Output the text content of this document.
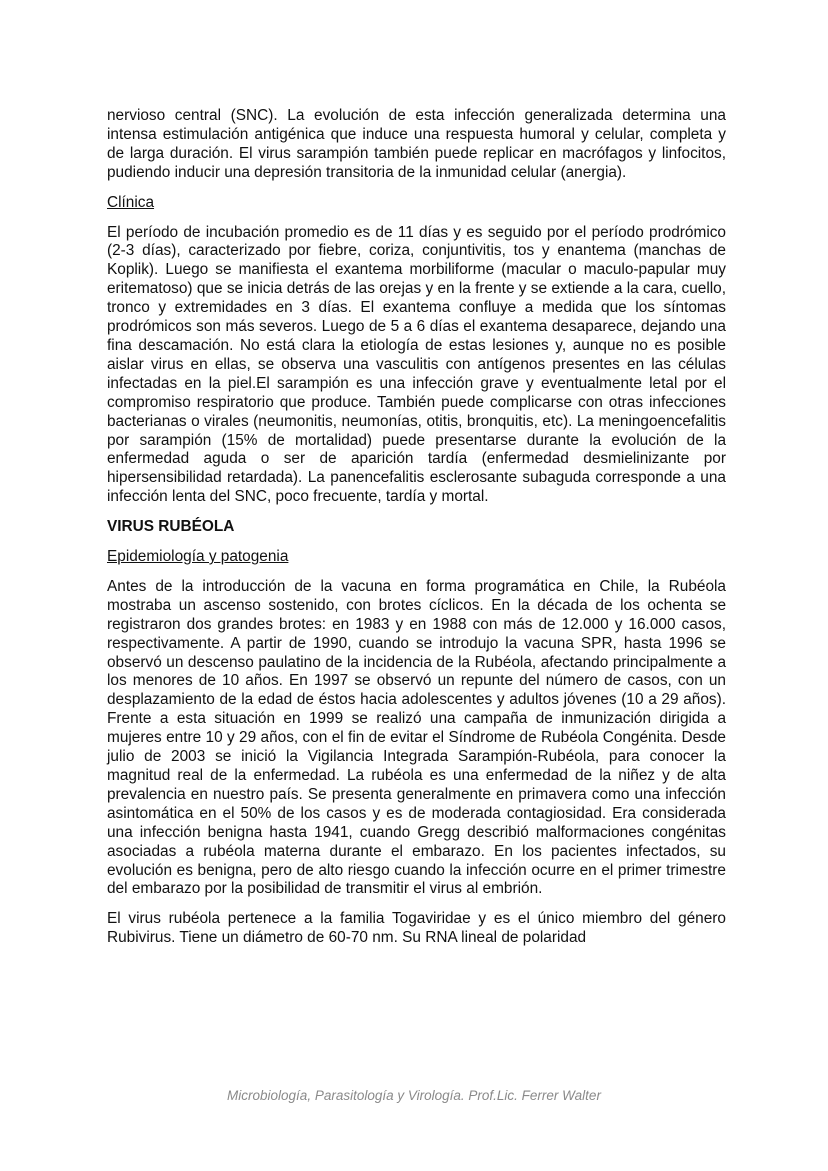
nervioso central (SNC). La evolución de esta infección generalizada determina una intensa estimulación antigénica que induce una respuesta humoral y celular, completa y de larga duración. El virus sarampión también puede replicar en macrófagos y linfocitos, pudiendo inducir una depresión transitoria de la inmunidad celular (anergia).

Clínica

El período de incubación promedio es de 11 días y es seguido por el período prodrómico (2-3 días), caracterizado por fiebre, coriza, conjuntivitis, tos y enantema (manchas de Koplik). Luego se manifiesta el exantema morbiliforme (macular o maculo-papular muy eritematoso) que se inicia detrás de las orejas y en la frente y se extiende a la cara, cuello, tronco y extremidades en 3 días. El exantema confluye a medida que los síntomas prodrómicos son más severos. Luego de 5 a 6 días el exantema desaparece, dejando una fina descamación. No está clara la etiología de estas lesiones y, aunque no es posible aislar virus en ellas, se observa una vasculitis con antígenos presentes en las células infectadas en la piel.El sarampión es una infección grave y eventualmente letal por el compromiso respiratorio que produce. También puede complicarse con otras infecciones bacterianas o virales (neumonitis, neumonías, otitis, bronquitis, etc). La meningoencefalitis por sarampión (15% de mortalidad) puede presentarse durante la evolución de la enfermedad aguda o ser de aparición tardía (enfermedad desmielinizante por hipersensibilidad retardada). La panencefalitis esclerosante subaguda corresponde a una infección lenta del SNC, poco frecuente, tardía y mortal.

VIRUS RUBÉOLA
Epidemiología y patogenia

Antes de la introducción de la vacuna en forma programática en Chile, la Rubéola mostraba un ascenso sostenido, con brotes cíclicos. En la década de los ochenta se registraron dos grandes brotes: en 1983 y en 1988 con más de 12.000 y 16.000 casos, respectivamente. A partir de 1990, cuando se introdujo la vacuna SPR, hasta 1996 se observó un descenso paulatino de la incidencia de la Rubéola, afectando principalmente a los menores de 10 años. En 1997 se observó un repunte del número de casos, con un desplazamiento de la edad de éstos hacia adolescentes y adultos jóvenes (10 a 29 años). Frente a esta situación en 1999 se realizó una campaña de inmunización dirigida a mujeres entre 10 y 29 años, con el fin de evitar el Síndrome de Rubéola Congénita. Desde julio de 2003 se inició la Vigilancia Integrada Sarampión-Rubéola, para conocer la magnitud real de la enfermedad. La rubéola es una enfermedad de la niñez y de alta prevalencia en nuestro país. Se presenta generalmente en primavera como una infección asintomática en el 50% de los casos y es de moderada contagiosidad. Era considerada una infección benigna hasta 1941, cuando Gregg describió malformaciones congénitas asociadas a rubéola materna durante el embarazo. En los pacientes infectados, su evolución es benigna, pero de alto riesgo cuando la infección ocurre en el primer trimestre del embarazo por la posibilidad de transmitir el virus al embrión.

El virus rubéola pertenece a la familia Togaviridae y es el único miembro del género Rubivirus. Tiene un diámetro de 60-70 nm. Su RNA lineal de polaridad

Microbiología, Parasitología y Virología. Prof.Lic. Ferrer Walter
